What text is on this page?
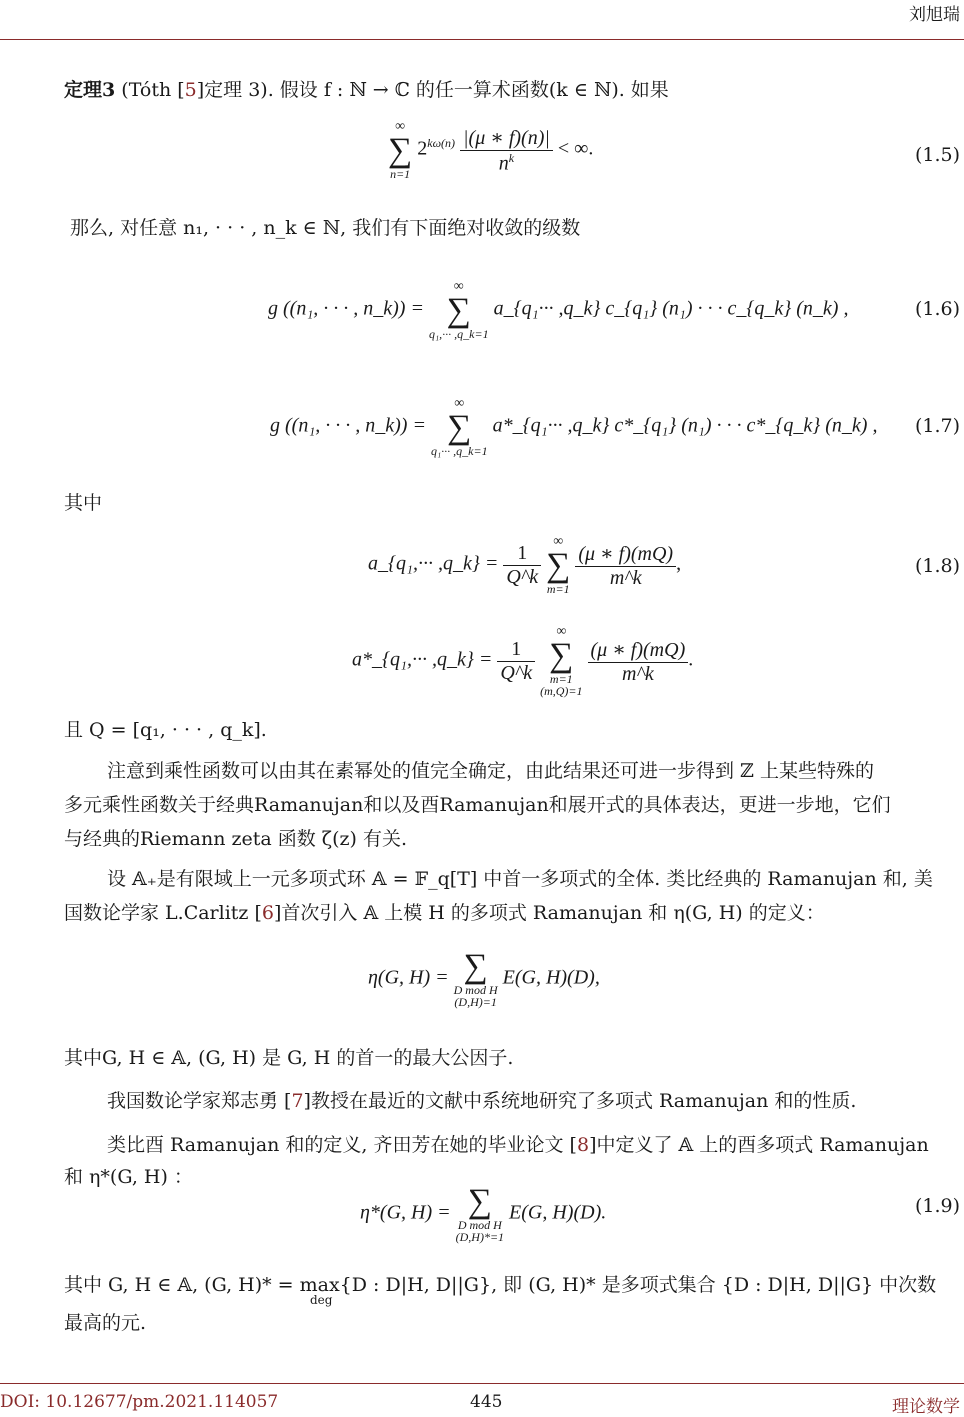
刘旭瑞
定理3 (Tóth [5]定理 3). 假设 f : ℕ → ℂ 的任一算术函数(k ∈ ℕ). 如果
∞
∑
n=1
$2^{k\omega(n)} \frac{|(\mu ∗ f)(n)|}{n^k}$ < ∞.	(1.5)
那么, 对任意 n₁, · · · , n_k ∈ ℕ, 我们有下面绝对收敛的级数
g ((n₁, · · · , n_k)) =
∞
∑
q₁,··· ,q_k=1
a_{q₁··· ,q_k} c_{q₁} (n₁) · · · c_{q_k} (n_k) ,	(1.6)
g ((n₁, · · · , n_k)) =
∞
∑
q₁··· ,q_k=1
a*_{q₁··· ,q_k} c*_{q₁} (n₁) · · · c*_{q_k} (n_k) , (1.7)
其中
a_{q₁,··· ,q_k} = $\frac{1}{Q\^{}k}$
∞
∑
m=1
$\frac{(\mu ∗ f)(mQ)}{m\^{}k}$ ,	(1.8)
a*_{q₁,··· ,q_k} = $\frac{1}{Q\^{}k}$

∞
∑
m=1
(m,Q)=1

$\frac{(\mu ∗ f)(mQ)}{m\^{}k}$ .
且 Q = [q₁, · · · , q_k].
注意到乘性函数可以由其在素幂处的值完全确定，由此结果还可进一步得到 ℤ 上某些特殊的
多元乘性函数关于经典Ramanujan和以及酉Ramanujan和展开式的具体表达，更进一步地，它们
与经典的Riemann zeta 函数 ζ(z) 有关.
设 𝔸₊是有限域上一元多项式环 𝔸 = 𝔽_q[T] 中首一多项式的全体. 类比经典的 Ramanujan 和, 美
国数论学家 L.Carlitz [6]首次引入 𝔸 上模 H 的多项式 Ramanujan 和 η(G, H) 的定义：
η(G, H) = ∑
D mod H
(D,H)=1
E(G, H)(D),
其中G, H ∈ 𝔸, (G, H) 是 G, H 的首一的最大公因子.
我国数论学家郑志勇 [7]教授在最近的文献中系统地研究了多项式 Ramanujan 和的性质.
类比酉 Ramanujan 和的定义, 齐田芳在她的毕业论文 [8]中定义了 𝔸 上的酉多项式 Ramanujan
和 η*(G, H) ：
η*(G, H) = ∑
D mod H
(D,H)*=1
E(G, H)(D).	(1.9)
其中 G, H ∈ 𝔸, (G, H)* = max{D : D|H, D||G}, 即 (G, H)* 是多项式集合 {D : D|H, D||G} 中次数
deg
最高的元.
DOI: 10.12677/pm.2021.114057	445	理论数学
